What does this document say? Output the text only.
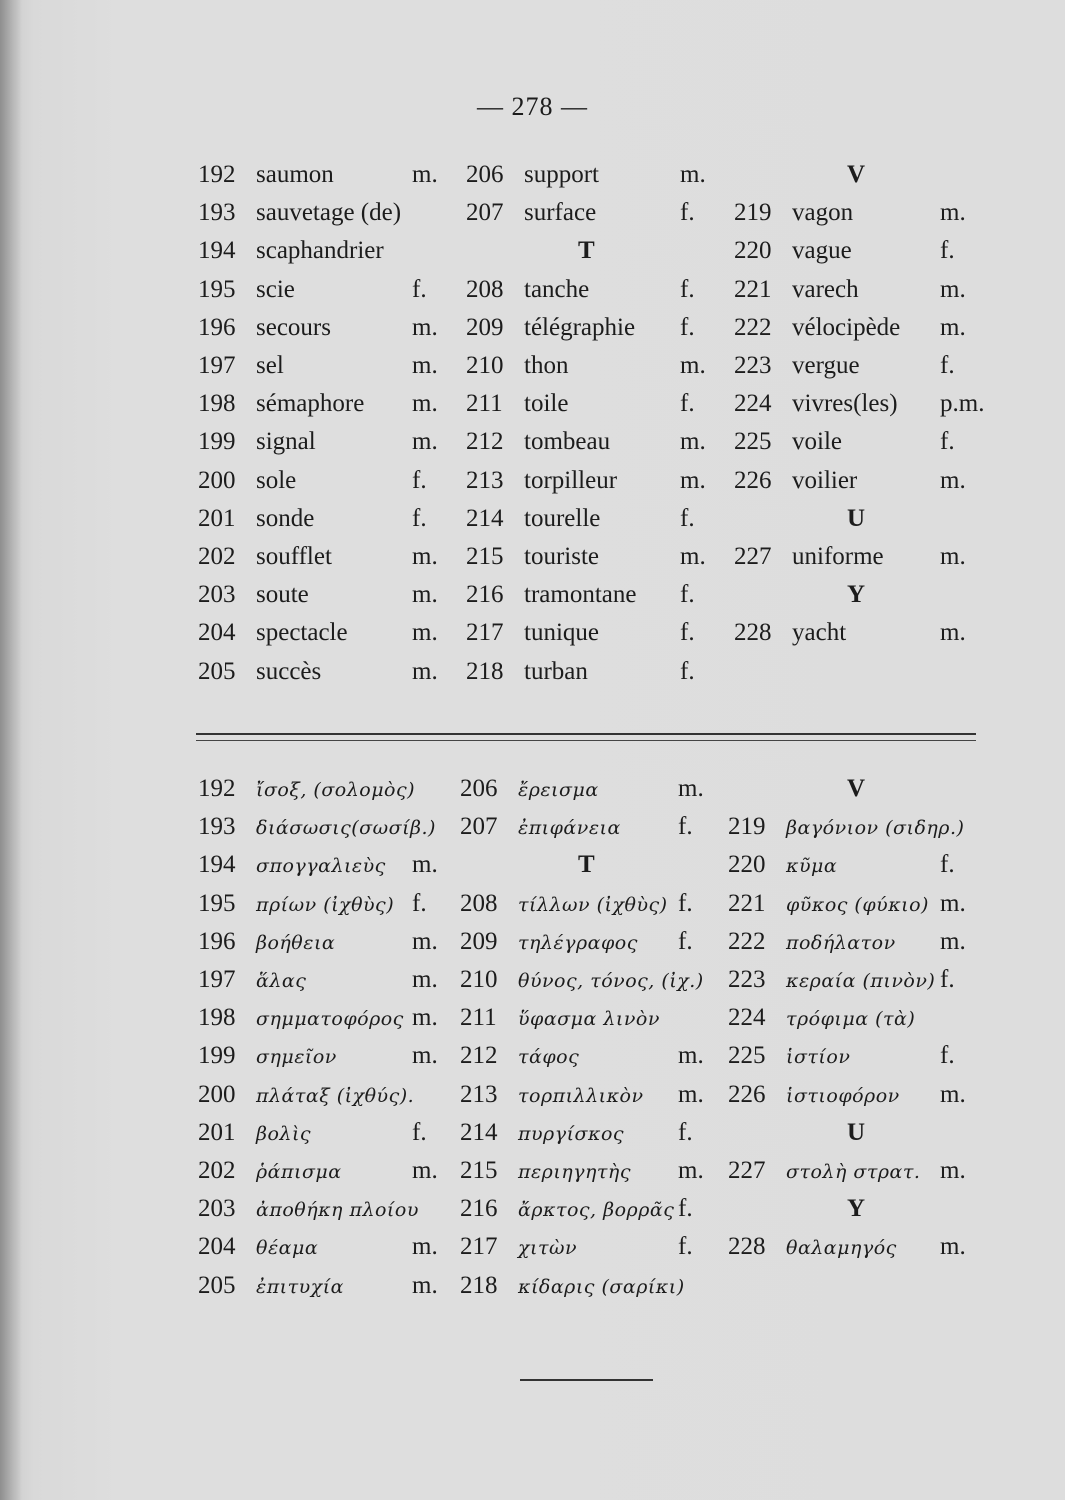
— 278 —
192 saumon	m.
193 sauvetage (de)
194 scaphandrier
195 scie	f.
196 secours	m.
197 sel	m.
198 sémaphore m.
199 signal	m.
200 sole	f.
201 sonde	f.
202 soufflet	m.
203 soute	m.
204 spectacle	m.
205 succès	m.
206 support	m.
207 surface	f.
T
208 tanche	f.
209 télégraphie f.
210 thon	m.
211 toile	f.
212 tombeau	m.
213 torpilleur	m.
214 tourelle	f.
215 touriste	m.
216 tramontane f.
217 tunique	f.
218 turban	f.
V
219 vagon	m.
220 vague	f.
221 varech	m.
222 vélocipède m.
223 vergue	f.
224 vivres(les) p.m.
225 voile	f.
226 voilier	m.
U
227 uniforme m.
Y
228 yacht	m.
192 ἴσοξ, (σολομὸς)
193 διάσωσις(σωσίβ.)
194 σπογγαλιεὺς m.
195 πρίων (ἰχθὺς) f.
196 βοήθεια	m.
197 ἅλας	m.
198 σημματοφόρος m.
199 σημεῖον	m.
200 πλάταξ (ἰχθύς).
201 βολὶς	f.
202 ῥάπισμα	m.
203 ἀποθήκη πλοίου
204 θέαμα	m.
205 ἐπιτυχία	m.
206 ἔρεισμα	m.
207 ἐπιφάνεια f.
T
208 τίλλων (ἰχθὺς) f.
209 τηλέγραφος f.
210 θύνος, τόνος, (ἰχ.)
211 ὕφασμα λινὸν
212 τάφος	m.
213 τορπιλλικὸν m.
214 πυργίσκος f.
215 περιηγητὴς m.
216 ἄρκτος, βορρᾶς f.
217 χιτὼν	f.
218 κίδαρις (σαρίκι)
V
219 βαγόνιον (σιδηρ.)
220 κῦμα	f.
221 φῦκος (φύκιο) m.
222 ποδήλατον m.
223 κεραία (πινὸν) f.
224 τρόφιμα (τὰ)
225 ἱστίον	f.
226 ἱστιοφόρον m.
U
227 στολὴ στρατ. m.
Y
228 θαλαμηγός m.
